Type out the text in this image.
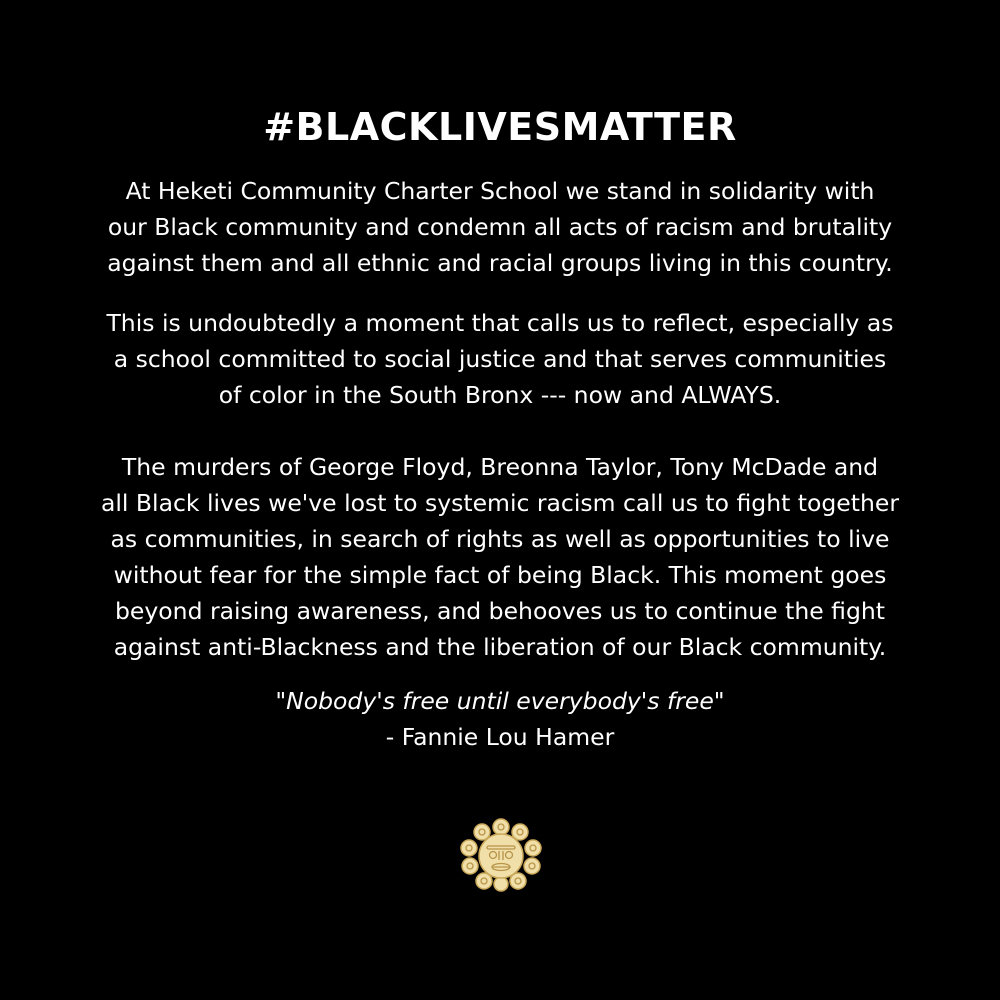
#BLACKLIVESMATTER

At Heketi Community Charter School we stand in solidarity with
our Black community and condemn all acts of racism and brutality
against them and all ethnic and racial groups living in this country.

This is undoubtedly a moment that calls us to reflect, especially as
a school committed to social justice and that serves communities
of color in the South Bronx --- now and ALWAYS.

The murders of George Floyd, Breonna Taylor, Tony McDade and
all Black lives we've lost to systemic racism call us to fight together
as communities, in search of rights as well as opportunities to live
without fear for the simple fact of being Black. This moment goes
beyond raising awareness, and behooves us to continue the fight
against anti-Blackness and the liberation of our Black community.

"Nobody's free until everybody's free"

- Fannie Lou Hamer
